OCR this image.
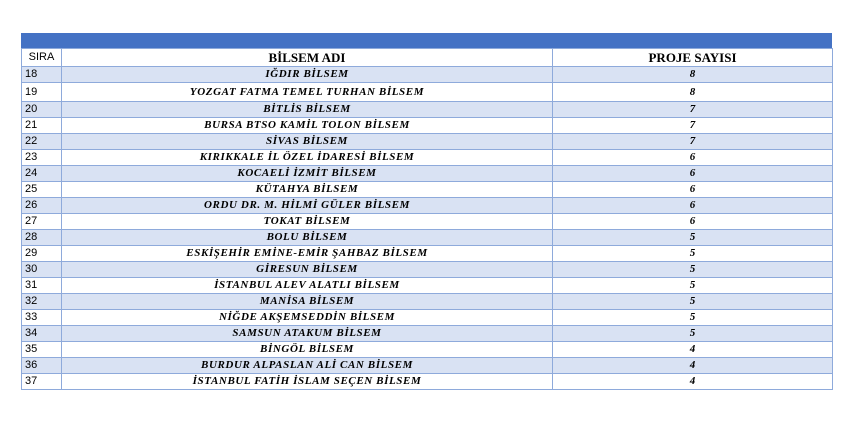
SIRA	BİLSEM ADI	PROJE SAYISI
18	IĞDIR BİLSEM	8
19	YOZGAT FATMA TEMEL TURHAN BİLSEM	8
20	BİTLİS BİLSEM	7
21	BURSA BTSO KAMİL TOLON BİLSEM	7
22	SİVAS BİLSEM	7
23	KIRIKKALE İL ÖZEL İDARESİ BİLSEM	6
24	KOCAELİ İZMİT BİLSEM	6
25	KÜTAHYA BİLSEM	6
26	ORDU DR. M. HİLMİ GÜLER BİLSEM	6
27	TOKAT BİLSEM	6
28	BOLU BİLSEM	5
29	ESKİŞEHİR EMİNE-EMİR ŞAHBAZ BİLSEM	5
30	GİRESUN BİLSEM	5
31	İSTANBUL ALEV ALATLI BİLSEM	5
32	MANİSA BİLSEM	5
33	NİĞDE AKŞEMSEDDİN BİLSEM	5
34	SAMSUN ATAKUM BİLSEM	5
35	BİNGÖL BİLSEM	4
36	BURDUR ALPASLAN ALİ CAN BİLSEM	4
37	İSTANBUL FATİH İSLAM SEÇEN BİLSEM	4
